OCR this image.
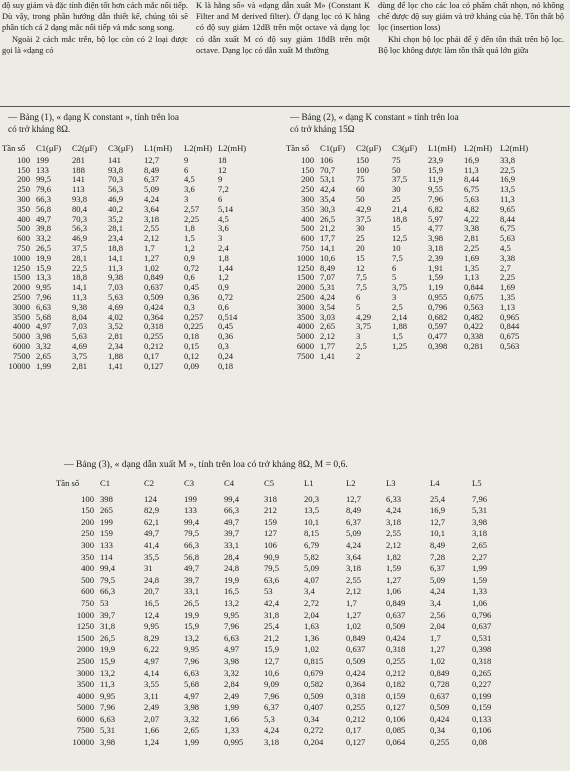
độ suy giảm và đặc tính điện tốt hơn cách mắc nối tiếp. Dù vậy, trong phần hướng dẫn thiết kế, chúng tôi sẽ phân tích cả 2 dạng mắc nối tiếp và mắc song song.

Ngoài 2 cách mắc trên, bộ lọc còn có 2 loại được gọi là «dạng có

K là hằng số» và «dạng dẫn xuất M» (Constant K Filter and M derived filter). Ở dạng lọc có K hằng có độ suy giảm 12dB trên một octave và dạng lọc có dẫn xuất M có độ suy giảm 18dB trên một octave. Dạng lọc có dẫn xuất M thường

dùng để lọc cho các loa có phẩm chất nhọn, nó không chế được độ suy giảm và trở kháng của hệ. Tồn thất bộ lọc (insertion loss)

Khi chọn bộ lọc phải để ý đến tồn thất trên bộ lọc. Bộ lọc không được làm tồn thất quá lớn giữa

— Bảng (1), « dạng K constant », tính trên loa
có trở kháng 8Ω.
— Bảng (2), « dạng K constant » tính trên loa
có trở kháng 15Ω
Tần số	C1(μF)	C2(μF)	C3(μF)	L1(mH)	L2(mH)	L2(mH)
100	199	281	141	12,7	9	18
150	133	188	93,8	8,49	6	12
200	99,5	141	70,3	6,37	4,5	9
250	79,6	113	56,3	5,09	3,6	7,2
300	66,3	93,8	46,9	4,24	3	6
350	56,8	80,4	40,2	3,64	2,57	5,14
400	49,7	70,3	35,2	3,18	2,25	4,5
500	39,8	56,3	28,1	2,55	1,8	3,6
600	33,2	46,9	23,4	2,12	1,5	3
750	26,5	37,5	18,8	1,7	1,2	2,4
1000	19,9	28,1	14,1	1,27	0,9	1,8
1250	15,9	22,5	11,3	1,02	0,72	1,44
1500	13,3	18,8	9,38	0,849	0,6	1,2
2000	9,95	14,1	7,03	0,637	0,45	0,9
2500	7,96	11,3	5,63	0,509	0,36	0,72
3000	6,63	9,38	4,69	0,424	0,3	0,6
3500	5,68	8,04	4,02	0,364	0,257	0,514
4000	4,97	7,03	3,52	0,318	0,225	0,45
5000	3,98	5,63	2,81	0,255	0,18	0,36
6000	3,32	4,69	2,34	0,212	0,15	0,3
7500	2,65	3,75	1,88	0,17	0,12	0,24
10000	1,99	2,81	1,41	0,127	0,09	0,18
Tần số	C1(μF)	C2(μF)	C3(μF)	L1(mH)	L2(mH)	L2(mH)
100	106	150	75	23,9	16,9	33,8
150	70,7	100	50	15,9	11,3	22,5
200	53,1	75	37,5	11,9	8,44	16,9
250	42,4	60	30	9,55	6,75	13,5
300	35,4	50	25	7,96	5,63	11,3
350	30,3	42,9	21,4	6,82	4,82	9,65
400	26,5	37,5	18,8	5,97	4,22	8,44
500	21,2	30	15	4,77	3,38	6,75
600	17,7	25	12,5	3,98	2,81	5,63
750	14,1	20	10	3,18	2,25	4,5
1000	10,6	15	7,5	2,39	1,69	3,38
1250	8,49	12	6	1,91	1,35	2,7
1500	7,07	7,5	5	1,59	1,13	2,25
2000	5,31	7,5	3,75	1,19	0,844	1,69
2500	4,24	6	3	0,955	0,675	1,35
3000	3,54	5	2,5	0,796	0,563	1,13
3500	3,03	4,29	2,14	0,682	0,482	0,965
4000	2,65	3,75	1,88	0,597	0,422	0,844
5000	2,12	3	1,5	0,477	0,338	0,675
6000	1,77	2,5	1,25	0,398	0,281	0,563
7500	1,41	2				
— Bảng (3), « dạng dẫn xuất M », tính trên loa có trở kháng 8Ω, M = 0,6.
Tần số	C1	C2	C3	C4	C5	L1	L2	L3	L4	L5
100	398	124	199	99,4	318	20,3	12,7	6,33	25,4	7,96
150	265	82,9	133	66,3	212	13,5	8,49	4,24	16,9	5,31
200	199	62,1	99,4	49,7	159	10,1	6,37	3,18	12,7	3,98
250	159	49,7	79,5	39,7	127	8,15	5,09	2,55	10,1	3,18
300	133	41,4	66,3	33,1	106	6,79	4,24	2,12	8,49	2,65
350	114	35,5	56,8	28,4	90,9	5,82	3,64	1,82	7,28	2,27
400	99,4	31	49,7	24,8	79,5	5,09	3,18	1,59	6,37	1,99
500	79,5	24,8	39,7	19,9	63,6	4,07	2,55	1,27	5,09	1,59
600	66,3	20,7	33,1	16,5	53	3,4	2,12	1,06	4,24	1,33
750	53	16,5	26,5	13,2	42,4	2,72	1,7	0,849	3,4	1,06
1000	39,7	12,4	19,9	9,95	31,8	2,04	1,27	0,637	2,56	0,796
1250	31,8	9,95	15,9	7,96	25,4	1,63	1,02	0,509	2,04	0,637
1500	26,5	8,29	13,2	6,63	21,2	1,36	0,849	0,424	1,7	0,531
2000	19,9	6,22	9,95	4,97	15,9	1,02	0,637	0,318	1,27	0,398
2500	15,9	4,97	7,96	3,98	12,7	0,815	0,509	0,255	1,02	0,318
3000	13,2	4,14	6,63	3,32	10,6	0,679	0,424	0,212	0,849	0,265
3500	11,3	3,55	5,68	2,84	9,09	0,582	0,364	0,182	0,728	0,227
4000	9,95	3,11	4,97	2,49	7,96	0,509	0,318	0,159	0,637	0,199
5000	7,96	2,49	3,98	1,99	6,37	0,407	0,255	0,127	0,509	0,159
6000	6,63	2,07	3,32	1,66	5,3	0,34	0,212	0,106	0,424	0,133
7500	5,31	1,66	2,65	1,33	4,24	0,272	0,17	0,085	0,34	0,106
10000	3,98	1,24	1,99	0,995	3,18	0,204	0,127	0,064	0,255	0,08
